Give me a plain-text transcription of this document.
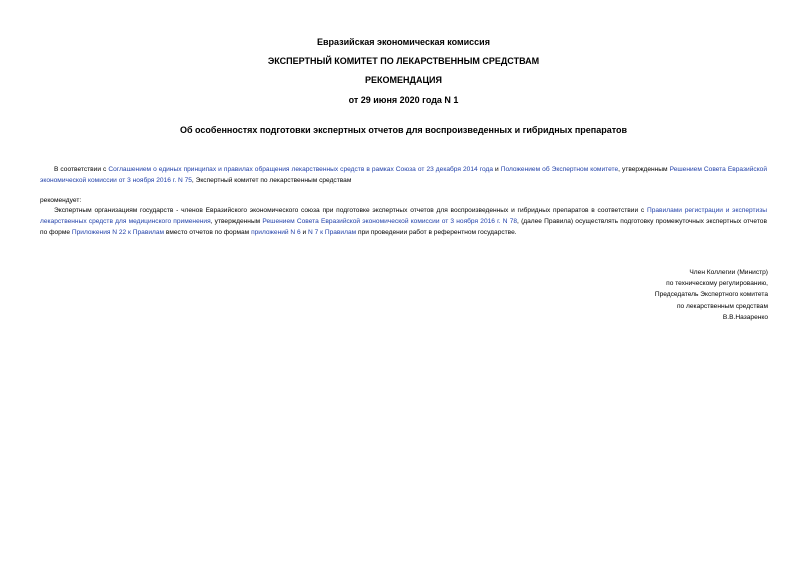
Евразийская экономическая комиссия
ЭКСПЕРТНЫЙ КОМИТЕТ ПО ЛЕКАРСТВЕННЫМ СРЕДСТВАМ
РЕКОМЕНДАЦИЯ
от 29 июня 2020 года N 1
Об особенностях подготовки экспертных отчетов для воспроизведенных и гибридных препаратов
В соответствии с Соглашением о единых принципах и правилах обращения лекарственных средств в рамках Союза от 23 декабря 2014 года и Положением об Экспертном комитете, утвержденным Решением Совета Евразийской экономической комиссии от 3 ноября 2016 г. N 75, Экспертный комитет по лекарственным средствам
рекомендует:
Экспертным организациям государств - членов Евразийского экономического союза при подготовке экспертных отчетов для воспроизведенных и гибридных препаратов в соответствии с Правилами регистрации и экспертизы лекарственных средств для медицинского применения, утвержденным Решением Совета Евразийской экономической комиссии от 3 ноября 2016 г. N 78, (далее Правила) осуществлять подготовку промежуточных экспертных отчетов по форме Приложения N 22 к Правилам вместо отчетов по формам приложений N 6 и N 7 к Правилам при проведении работ в референтном государстве.
Член Коллегии (Министр)
по техническому регулированию,
Председатель Экспертного комитета
по лекарственным средствам
В.В.Назаренко
